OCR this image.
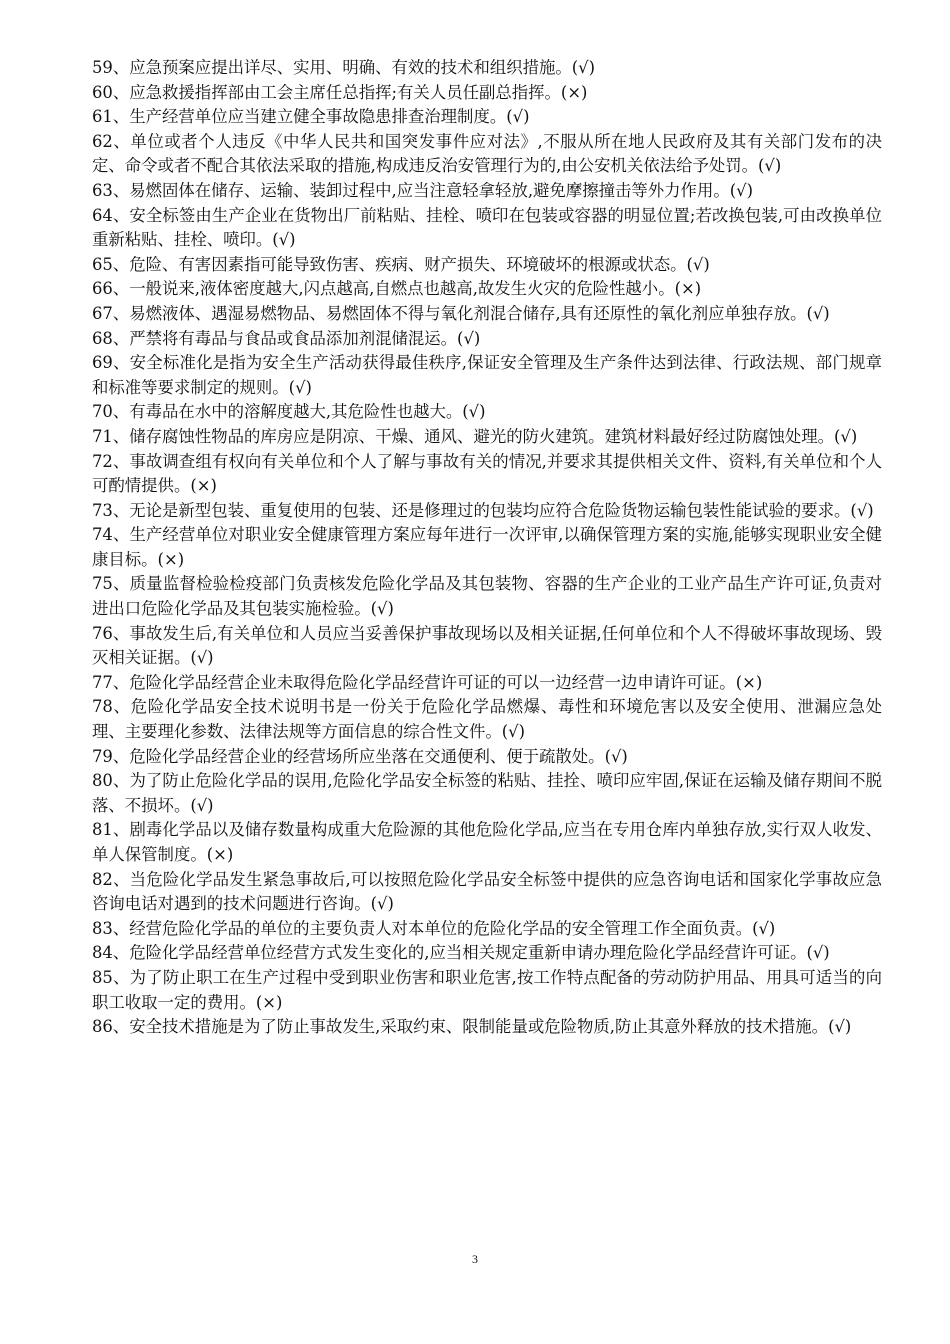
59、应急预案应提出详尽、实用、明确、有效的技术和组织措施。(√)

60、应急救援指挥部由工会主席任总指挥;有关人员任副总指挥。(×)

61、生产经营单位应当建立健全事故隐患排查治理制度。(√)

62、单位或者个人违反《中华人民共和国突发事件应对法》,不服从所在地人民政府及其有关部门发布的决定、命令或者不配合其依法采取的措施,构成违反治安管理行为的,由公安机关依法给予处罚。(√)

63、易燃固体在储存、运输、装卸过程中,应当注意轻拿轻放,避免摩擦撞击等外力作用。(√)

64、安全标签由生产企业在货物出厂前粘贴、挂栓、喷印在包装或容器的明显位置;若改换包装,可由改换单位重新粘贴、挂栓、喷印。(√)

65、危险、有害因素指可能导致伤害、疾病、财产损失、环境破坏的根源或状态。(√)

66、一般说来,液体密度越大,闪点越高,自燃点也越高,故发生火灾的危险性越小。(×)

67、易燃液体、遇湿易燃物品、易燃固体不得与氧化剂混合储存,具有还原性的氧化剂应单独存放。(√)

68、严禁将有毒品与食品或食品添加剂混储混运。(√)

69、安全标准化是指为安全生产活动获得最佳秩序,保证安全管理及生产条件达到法律、行政法规、部门规章和标准等要求制定的规则。(√)

70、有毒品在水中的溶解度越大,其危险性也越大。(√)

71、储存腐蚀性物品的库房应是阴凉、干燥、通风、避光的防火建筑。建筑材料最好经过防腐蚀处理。(√)

72、事故调查组有权向有关单位和个人了解与事故有关的情况,并要求其提供相关文件、资料,有关单位和个人可酌情提供。(×)

73、无论是新型包装、重复使用的包装、还是修理过的包装均应符合危险货物运输包装性能试验的要求。(√)

74、生产经营单位对职业安全健康管理方案应每年进行一次评审,以确保管理方案的实施,能够实现职业安全健康目标。(×)

75、质量监督检验检疫部门负责核发危险化学品及其包装物、容器的生产企业的工业产品生产许可证,负责对进出口危险化学品及其包装实施检验。(√)

76、事故发生后,有关单位和人员应当妥善保护事故现场以及相关证据,任何单位和个人不得破坏事故现场、毁灭相关证据。(√)

77、危险化学品经营企业未取得危险化学品经营许可证的可以一边经营一边申请许可证。(×)

78、危险化学品安全技术说明书是一份关于危险化学品燃爆、毒性和环境危害以及安全使用、泄漏应急处理、主要理化参数、法律法规等方面信息的综合性文件。(√)

79、危险化学品经营企业的经营场所应坐落在交通便利、便于疏散处。(√)

80、为了防止危险化学品的误用,危险化学品安全标签的粘贴、挂拴、喷印应牢固,保证在运输及储存期间不脱落、不损坏。(√)

81、剧毒化学品以及储存数量构成重大危险源的其他危险化学品,应当在专用仓库内单独存放,实行双人收发、单人保管制度。(×)

82、当危险化学品发生紧急事故后,可以按照危险化学品安全标签中提供的应急咨询电话和国家化学事故应急咨询电话对遇到的技术问题进行咨询。(√)

83、经营危险化学品的单位的主要负责人对本单位的危险化学品的安全管理工作全面负责。(√)

84、危险化学品经营单位经营方式发生变化的,应当相关规定重新申请办理危险化学品经营许可证。(√)

85、为了防止职工在生产过程中受到职业伤害和职业危害,按工作特点配备的劳动防护用品、用具可适当的向职工收取一定的费用。(×)

86、安全技术措施是为了防止事故发生,采取约束、限制能量或危险物质,防止其意外释放的技术措施。(√)

3
